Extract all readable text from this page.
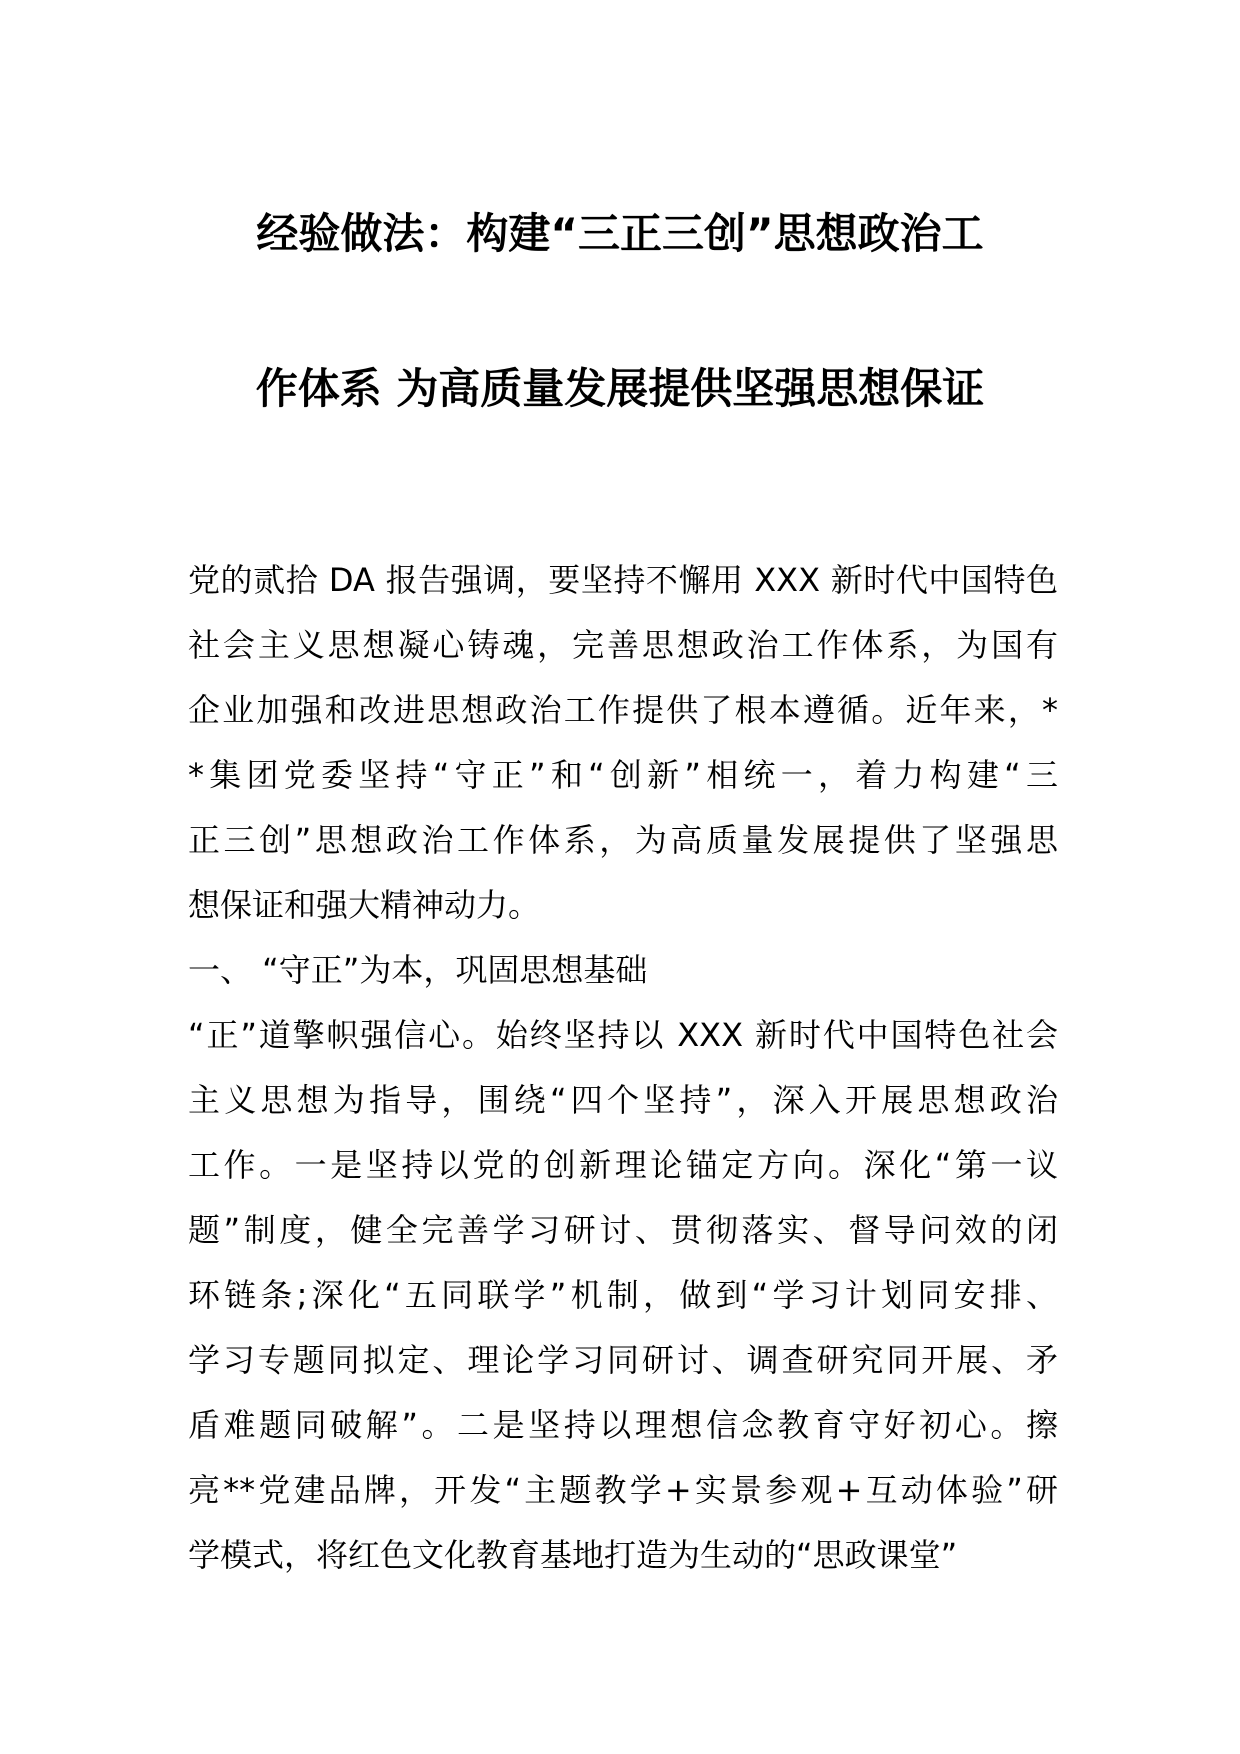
经验做法：构建“三正三创”思想政治工
作体系 为高质量发展提供坚强思想保证

党的贰拾 DA 报告强调，要坚持不懈用 XXX 新时代中国特色
社会主义思想凝心铸魂，完善思想政治工作体系，为国有
企业加强和改进思想政治工作提供了根本遵循。近年来，*
*集团党委坚持“守正”和“创新”相统一，着力构建“三
正三创”思想政治工作体系，为高质量发展提供了坚强思
想保证和强大精神动力。

一、 “守正”为本，巩固思想基础

“正”道擎帜强信心。始终坚持以 XXX 新时代中国特色社会
主义思想为指导，围绕“四个坚持”，深入开展思想政治
工作。一是坚持以党的创新理论锚定方向。深化“第一议
题”制度，健全完善学习研讨、贯彻落实、督导问效的闭
环链条;深化“五同联学”机制，做到“学习计划同安排、
学习专题同拟定、理论学习同研讨、调查研究同开展、矛
盾难题同破解”。二是坚持以理想信念教育守好初心。擦
亮**党建品牌，开发“主题教学+实景参观+互动体验”研
学模式，将红色文化教育基地打造为生动的“思政课堂”
